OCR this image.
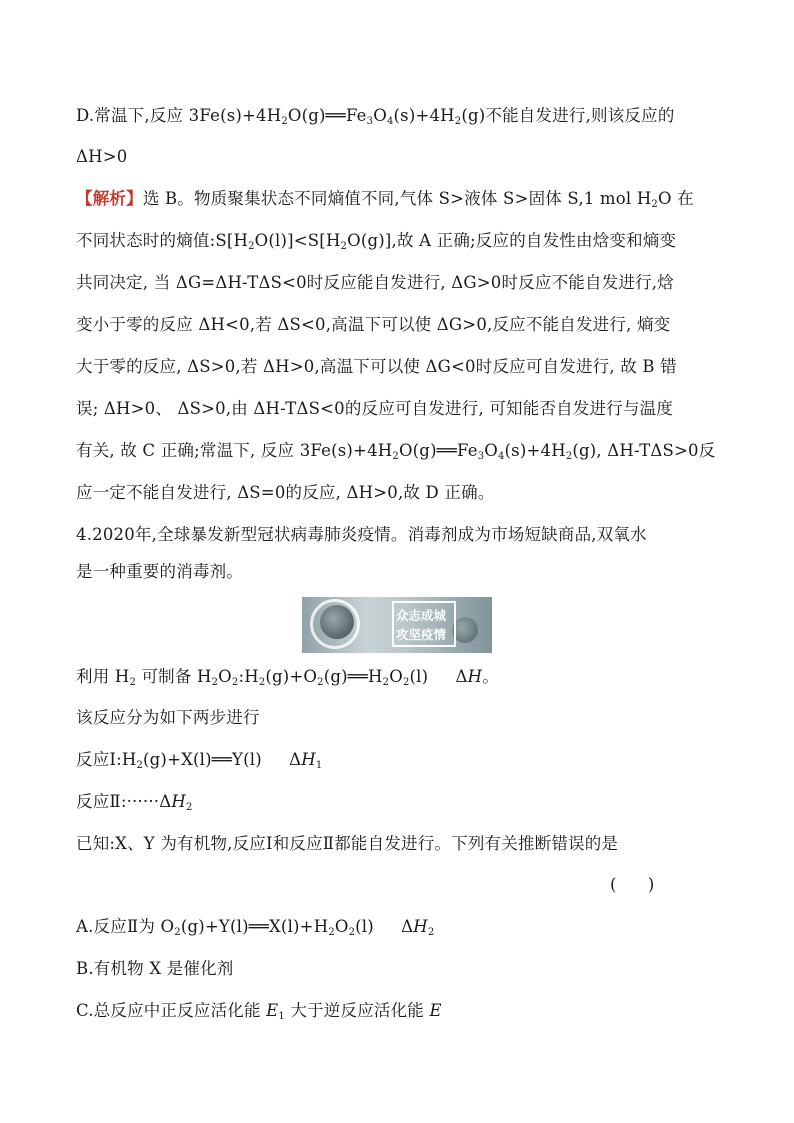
D.常温下,反应 $3Fe(s)+4H_2O(g)══Fe_3O_4(s)+4H_2(g)$不能自发进行,则该反应的
ΔH>0
【解析】选 B。物质聚集状态不同熵值不同,气体 S>液体 S>固体 S,1 mol $H_2O$ 在
不同状态时的熵值$:S[H_2O(l)]<S[H_2O(g)]$,故 A 正确;反应的自发性由焓变和熵变
共同决定, 当 ΔG=ΔH-TΔS<0时反应能自发进行, ΔG>0时反应不能自发进行,焓
变小于零的反应 ΔH<0,若 ΔS<0,高温下可以使 ΔG>0,反应不能自发进行, 熵变
大于零的反应, ΔS>0,若 ΔH>0,高温下可以使 ΔG<0时反应可自发进行, 故 B 错
误; ΔH>0、 ΔS>0,由 ΔH-TΔS<0的反应可自发进行, 可知能否自发进行与温度
有关, 故 C 正确;常温下, 反应 $3Fe(s)+4H_2O(g)══Fe_3O_4(s)+4H_2(g)$, ΔH-TΔS>0反
应一定不能自发进行, ΔS=0的反应, ΔH>0,故 D 正确。
4.2020年,全球暴发新型冠状病毒肺炎疫情。消毒剂成为市场短缺商品,双氧水
是一种重要的消毒剂。
众志成城
攻坚疫情
利用 $H_2$ 可制备 $H_2O_2:H_2(g)+O_2(g)══H_2O_2(l)$     ΔH。
该反应分为如下两步进行
反应$Ⅰ:H_2(g)+X(l)══Y(l)$     $\Delta H_1$
反应$Ⅱ:\cdot\cdot\cdot\cdot\cdot\cdot\Delta H_2$
已知:X、Y 为有机物,反应Ⅰ和反应Ⅱ都能自发进行。下列有关推断错误的是
(      )
A.反应Ⅱ为 $O_2(g)+Y(l)══X(l)+H_2O_2(l)$     $\Delta H_2$
B.有机物 X 是催化剂
C.总反应中正反应活化能 $E_1$ 大于逆反应活化能 E
